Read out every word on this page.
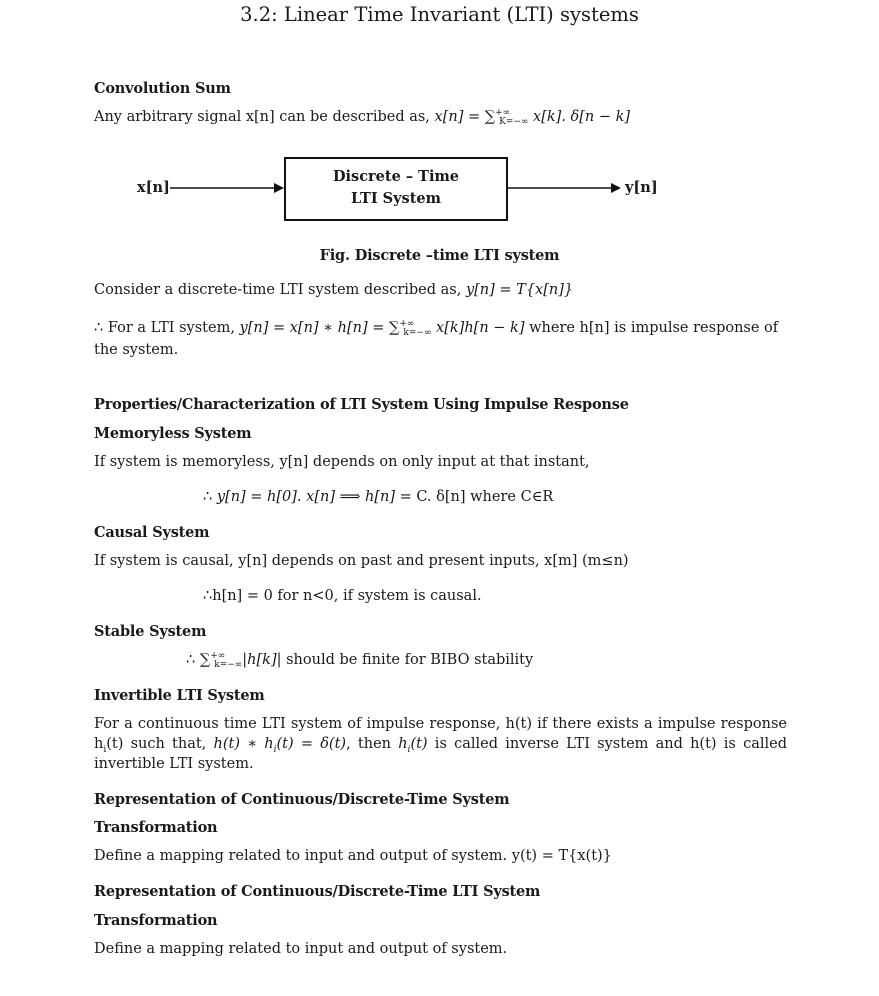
3.2: Linear Time Invariant (LTI) systems
Convolution Sum
Any arbitrary signal x[n] can be described as, $x[n] = \sum^{+\infty}_{K=-\infty}$ x[k]. δ[n − k]
x[n]
Discrete – Time
LTI System
y[n]
Fig. Discrete –time LTI system
Consider a discrete-time LTI system described as, y[n] = T{x[n]}
∴ For a LTI system, y[n] = x[n] ∗ $h[n] = \sum^{+\infty}_{k=-\infty}$ x[k]h[n − k] where h[n] is impulse response of
the system.
Properties/Characterization of LTI System Using Impulse Response
Memoryless System
If system is memoryless, y[n] depends on only input at that instant,
∴ y[n] = h[0]. x[n] ⟹ h[n] = C. δ[n] where C∈R
Causal System
If system is causal, y[n] depends on past and present inputs, x[m] (m≤n)
∴h[n] = 0 for n<0, if system is causal.
Stable System
∴ $\sum^{+\infty}_{k=-\infty}|h[k]|$ should be finite for BIBO stability
Invertible LTI System
For a continuous time LTI system of impulse response, h(t) if there exists a impulse response
$h_i(t)$ such that, h(t) ∗ $h_i(t) = \delta(t)$, then $h_i(t)$ is called inverse LTI system and h(t) is called
invertible LTI system.
Representation of Continuous/Discrete-Time System
Transformation
Define a mapping related to input and output of system. y(t) = T{x(t)}
Representation of Continuous/Discrete-Time LTI System
Transformation
Define a mapping related to input and output of system.
